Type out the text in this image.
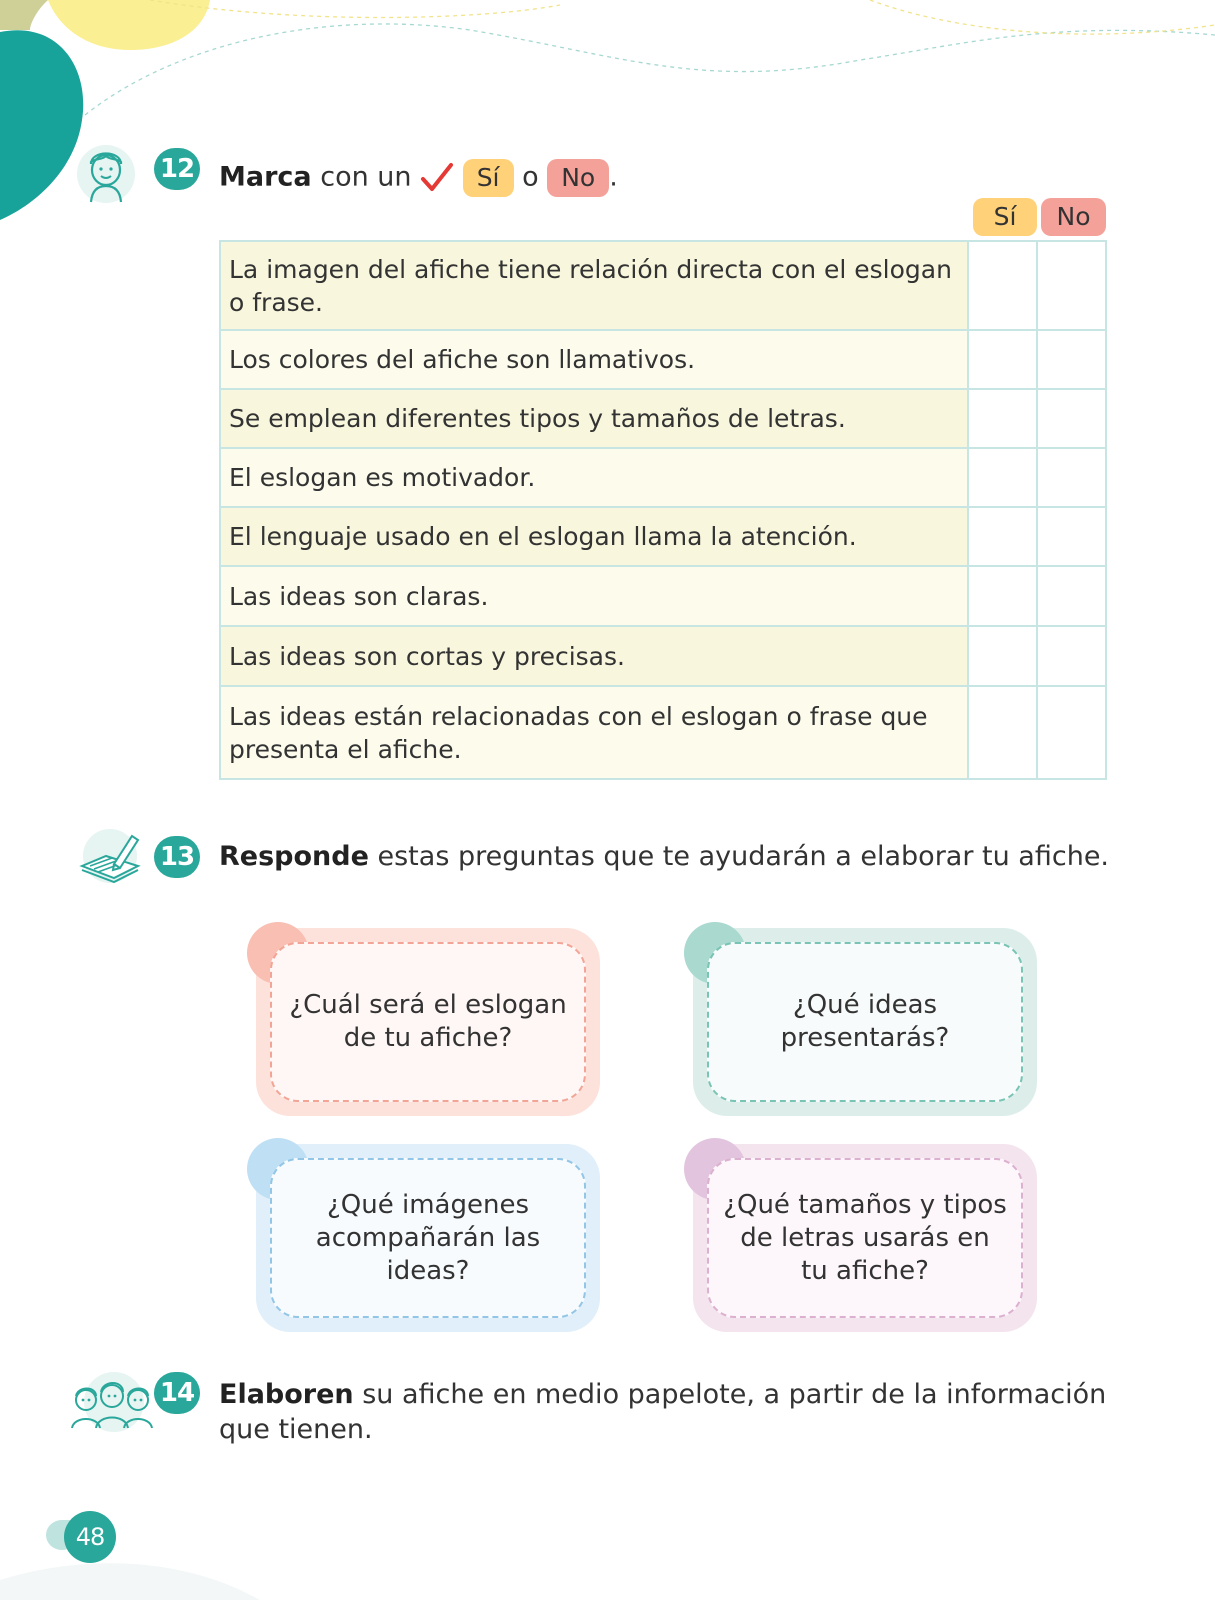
12 Marca con un  Sí o No .
Sí	No
La imagen del afiche tiene relación directa con el eslogan o frase.		
Los colores del afiche son llamativos.		
Se emplean diferentes tipos y tamaños de letras.		
El eslogan es motivador.		
El lenguaje usado en el eslogan llama la atención.		
Las ideas son claras.		
Las ideas son cortas y precisas.		
Las ideas están relacionadas con el eslogan o frase que presenta el afiche.		
13 Responde estas preguntas que te ayudarán a elaborar tu afiche.
¿Cuál será el eslogan de tu afiche?
¿Qué ideas presentarás?
¿Qué imágenes acompañarán las ideas?
¿Qué tamaños y tipos de letras usarás en tu afiche?
14 Elaboren su afiche en medio papelote, a partir de la información que tienen.
48
